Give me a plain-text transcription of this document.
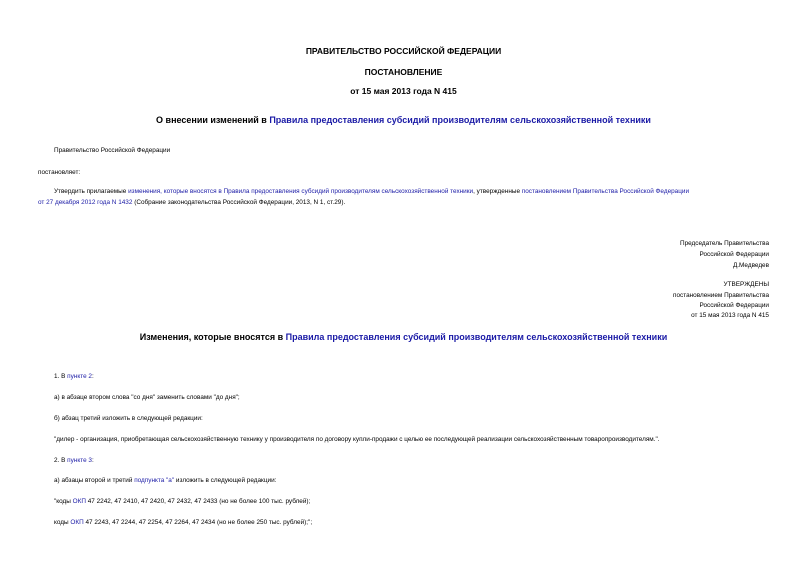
ПРАВИТЕЛЬСТВО РОССИЙСКОЙ ФЕДЕРАЦИИ
ПОСТАНОВЛЕНИЕ
от 15 мая 2013 года N 415
О внесении изменений в Правила предоставления субсидий производителям сельскохозяйственной техники
Правительство Российской Федерации
постановляет:
Утвердить прилагаемые изменения, которые вносятся в Правила предоставления субсидий производителям сельскохозяйственной техники, утвержденные постановлением Правительства Российской Федерации
от 27 декабря 2012 года N 1432 (Собрание законодательства Российской Федерации, 2013, N 1, ст.29).
Председатель Правительства
Российской Федерации
Д.Медведев
УТВЕРЖДЕНЫ
постановлением Правительства
Российской Федерации
от 15 мая 2013 года N 415
Изменения, которые вносятся в Правила предоставления субсидий производителям сельскохозяйственной техники
1. В пункте 2:
а) в абзаце втором слова "со дня" заменить словами "до дня";
б) абзац третий изложить в следующей редакции:
"дилер - организация, приобретающая сельскохозяйственную технику у производителя по договору купли-продажи с целью ее последующей реализации сельскохозяйственным товаропроизводителям.".
2. В пункте 3:
а) абзацы второй и третий подпункта "а" изложить в следующей редакции:
"коды ОКП 47 2242, 47 2410, 47 2420, 47 2432, 47 2433 (но не более 100 тыс. рублей);
коды ОКП 47 2243, 47 2244, 47 2254, 47 2264, 47 2434 (но не более 250 тыс. рублей);";
